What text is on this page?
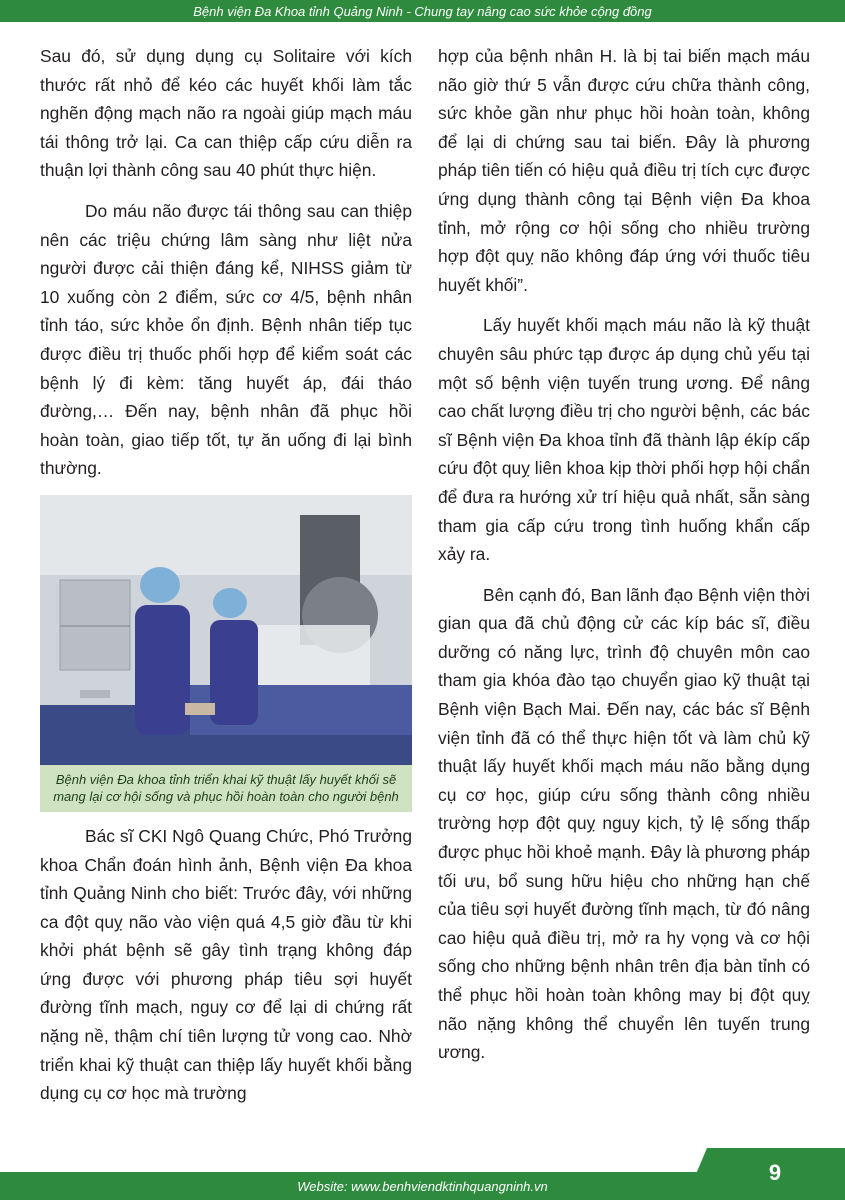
Bệnh viện Đa Khoa tỉnh Quảng Ninh - Chung tay nâng cao sức khỏe cộng đồng

Sau đó, sử dụng dụng cụ Solitaire với kích thước rất nhỏ để kéo các huyết khối làm tắc nghẽn động mạch não ra ngoài giúp mạch máu tái thông trở lại. Ca can thiệp cấp cứu diễn ra thuận lợi thành công sau 40 phút thực hiện.

Do máu não được tái thông sau can thiệp nên các triệu chứng lâm sàng như liệt nửa người được cải thiện đáng kể, NIHSS giảm từ 10 xuống còn 2 điểm, sức cơ 4/5, bệnh nhân tỉnh táo, sức khỏe ổn định. Bệnh nhân tiếp tục được điều trị thuốc phối hợp để kiểm soát các bệnh lý đi kèm: tăng huyết áp, đái tháo đường,… Đến nay, bệnh nhân đã phục hồi hoàn toàn, giao tiếp tốt, tự ăn uống đi lại bình thường.

Bệnh viện Đa khoa tỉnh triển khai kỹ thuật lấy huyết khối sẽ mang lại cơ hội sống và phục hồi hoàn toàn cho người bệnh

Bác sĩ CKI Ngô Quang Chức, Phó Trưởng khoa Chẩn đoán hình ảnh, Bệnh viện Đa khoa tỉnh Quảng Ninh cho biết: Trước đây, với những ca đột quỵ não vào viện quá 4,5 giờ đầu từ khi khởi phát bệnh sẽ gây tình trạng không đáp ứng được với phương pháp tiêu sợi huyết đường tĩnh mạch, nguy cơ để lại di chứng rất nặng nề, thậm chí tiên lượng tử vong cao. Nhờ triển khai kỹ thuật can thiệp lấy huyết khối bằng dụng cụ cơ học mà trường

hợp của bệnh nhân H. là bị tai biến mạch máu não giờ thứ 5 vẫn được cứu chữa thành công, sức khỏe gần như phục hồi hoàn toàn, không để lại di chứng sau tai biến. Đây là phương pháp tiên tiến có hiệu quả điều trị tích cực được ứng dụng thành công tại Bệnh viện Đa khoa tỉnh, mở rộng cơ hội sống cho nhiều trường hợp đột quỵ não không đáp ứng với thuốc tiêu huyết khối”.

Lấy huyết khối mạch máu não là kỹ thuật chuyên sâu phức tạp được áp dụng chủ yếu tại một số bệnh viện tuyến trung ương. Để nâng cao chất lượng điều trị cho người bệnh, các bác sĩ Bệnh viện Đa khoa tỉnh đã thành lập ékíp cấp cứu đột quỵ liên khoa kịp thời phối hợp hội chẩn để đưa ra hướng xử trí hiệu quả nhất, sẵn sàng tham gia cấp cứu trong tình huống khẩn cấp xảy ra.

Bên cạnh đó, Ban lãnh đạo Bệnh viện thời gian qua đã chủ động cử các kíp bác sĩ, điều dưỡng có năng lực, trình độ chuyên môn cao tham gia khóa đào tạo chuyển giao kỹ thuật tại Bệnh viện Bạch Mai. Đến nay, các bác sĩ Bệnh viện tỉnh đã có thể thực hiện tốt và làm chủ kỹ thuật lấy huyết khối mạch máu não bằng dụng cụ cơ học, giúp cứu sống thành công nhiều trường hợp đột quỵ nguy kịch, tỷ lệ sống thấp được phục hồi khoẻ mạnh. Đây là phương pháp tối ưu, bổ sung hữu hiệu cho những hạn chế của tiêu sợi huyết đường tĩnh mạch, từ đó nâng cao hiệu quả điều trị, mở ra hy vọng và cơ hội sống cho những bệnh nhân trên địa bàn tỉnh có thể phục hồi hoàn toàn không may bị đột quỵ não nặng không thể chuyển lên tuyến trung ương.

Website: www.benhviendktinhquangninh.vn
9
